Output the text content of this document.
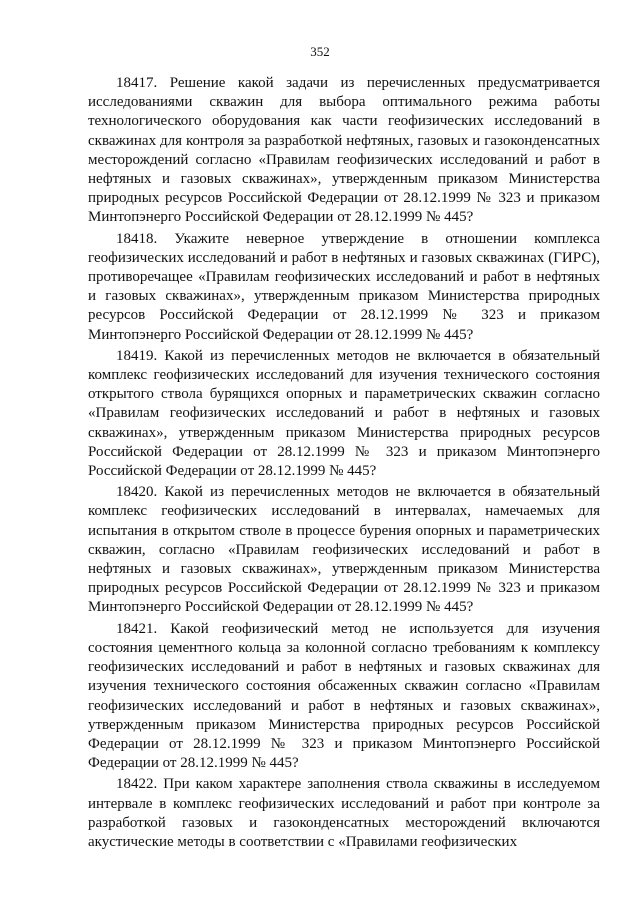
352

18417. Решение какой задачи из перечисленных предусматривается исследованиями скважин для выбора оптимального режима работы технологического оборудования как части геофизических исследований в скважинах для контроля за разработкой нефтяных, газовых и газоконденсатных месторождений согласно «Правилам геофизических исследований и работ в нефтяных и газовых скважинах», утвержденным приказом Министерства природных ресурсов Российской Федерации от 28.12.1999 № 323 и приказом Минтопэнерго Российской Федерации от 28.12.1999 № 445?

18418. Укажите неверное утверждение в отношении комплекса геофизических исследований и работ в нефтяных и газовых скважинах (ГИРС), противоречащее «Правилам геофизических исследований и работ в нефтяных и газовых скважинах», утвержденным приказом Министерства природных ресурсов Российской Федерации от 28.12.1999 № 323 и приказом Минтопэнерго Российской Федерации от 28.12.1999 № 445?

18419. Какой из перечисленных методов не включается в обязательный комплекс геофизических исследований для изучения технического состояния открытого ствола бурящихся опорных и параметрических скважин согласно «Правилам геофизических исследований и работ в нефтяных и газовых скважинах», утвержденным приказом Министерства природных ресурсов Российской Федерации от 28.12.1999 № 323 и приказом Минтопэнерго Российской Федерации от 28.12.1999 № 445?

18420. Какой из перечисленных методов не включается в обязательный комплекс геофизических исследований в интервалах, намечаемых для испытания в открытом стволе в процессе бурения опорных и параметрических скважин, согласно «Правилам геофизических исследований и работ в нефтяных и газовых скважинах», утвержденным приказом Министерства природных ресурсов Российской Федерации от 28.12.1999 № 323 и приказом Минтопэнерго Российской Федерации от 28.12.1999 № 445?

18421. Какой геофизический метод не используется для изучения состояния цементного кольца за колонной согласно требованиям к комплексу геофизических исследований и работ в нефтяных и газовых скважинах для изучения технического состояния обсаженных скважин согласно «Правилам геофизических исследований и работ в нефтяных и газовых скважинах», утвержденным приказом Министерства природных ресурсов Российской Федерации от 28.12.1999 № 323 и приказом Минтопэнерго Российской Федерации от 28.12.1999 № 445?

18422. При каком характере заполнения ствола скважины в исследуемом интервале в комплекс геофизических исследований и работ при контроле за разработкой газовых и газоконденсатных месторождений включаются акустические методы в соответствии с «Правилами геофизических
